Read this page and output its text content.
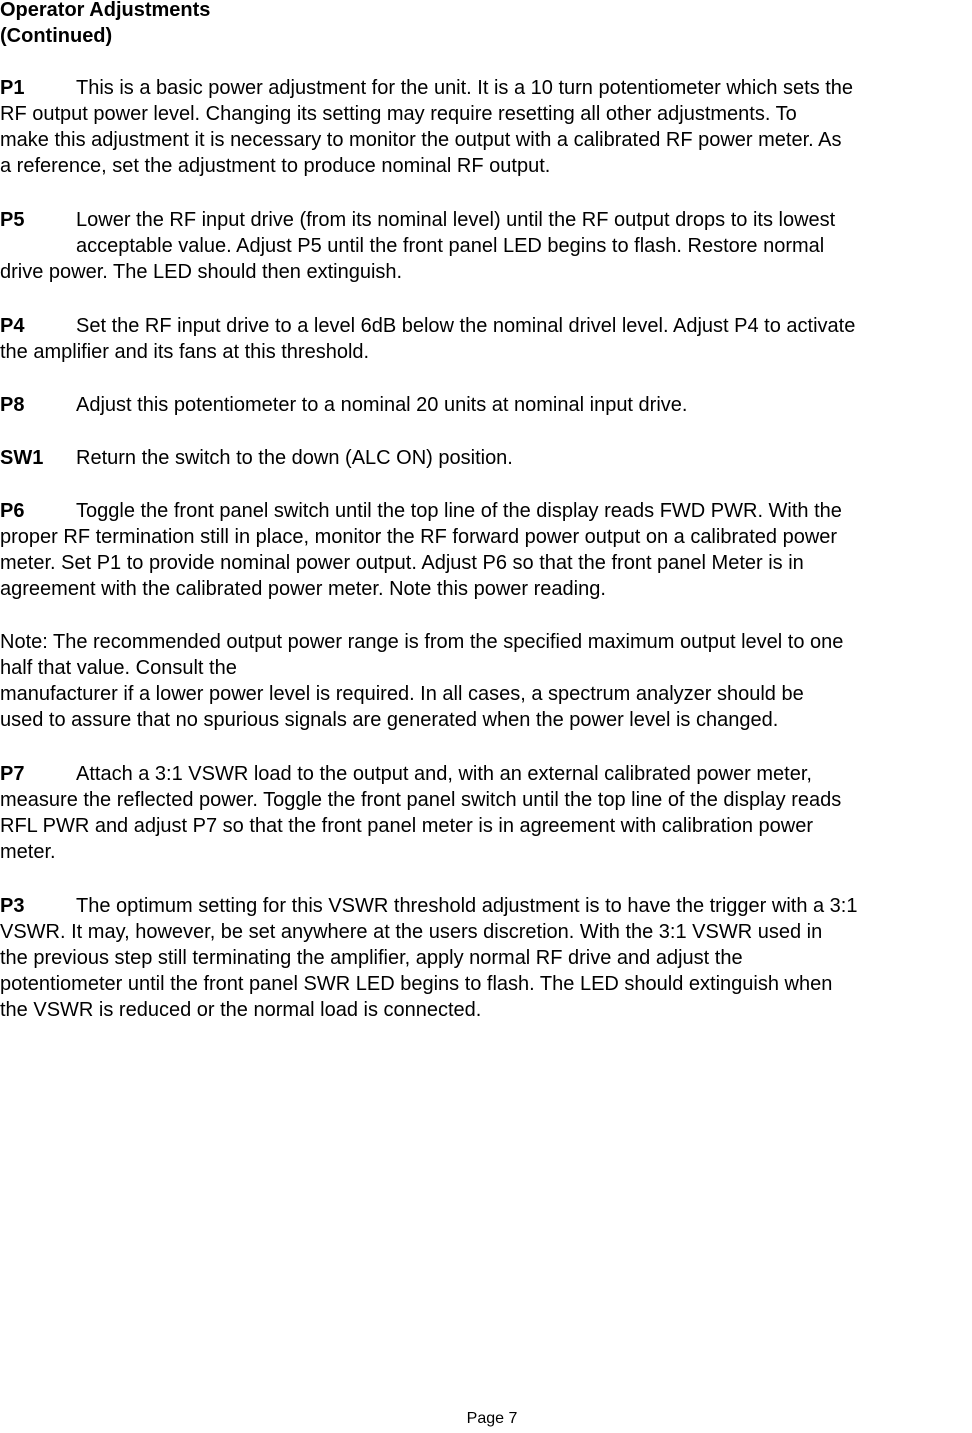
Operator Adjustments
(Continued)
P1	This is a basic power adjustment for the unit. It is a 10 turn potentiometer which sets the
RF output power level. Changing its setting may require resetting all other adjustments. To
make this adjustment it is necessary to monitor the output with a calibrated RF power meter. As
a reference, set the adjustment to produce nominal RF output.
P5	Lower the RF input drive (from its nominal level) until the RF output drops to its lowest
acceptable value. Adjust P5 until the front panel LED begins to flash. Restore normal
drive power. The LED should then extinguish.
P4	Set the RF input drive to a level 6dB below the nominal drivel level. Adjust P4 to activate
the amplifier and its fans at this threshold.
P8	Adjust this potentiometer to a nominal 20 units at nominal input drive.
SW1 Return the switch to the down (ALC ON) position.
P6	Toggle the front panel switch until the top line of the display reads FWD PWR. With the
proper RF termination still in place, monitor the RF forward power output on a calibrated power
meter. Set P1 to provide nominal power output. Adjust P6 so that the front panel Meter is in
agreement with the calibrated power meter. Note this power reading.
Note: The recommended output power range is from the specified maximum output level to one
half that value. Consult the
manufacturer if a lower power level is required. In all cases, a spectrum analyzer should be
used to assure that no spurious signals are generated when the power level is changed.
P7	Attach a 3:1 VSWR load to the output and, with an external calibrated power meter,
measure the reflected power. Toggle the front panel switch until the top line of the display reads
RFL PWR and adjust P7 so that the front panel meter is in agreement with calibration power
meter.
P3	The optimum setting for this VSWR threshold adjustment is to have the trigger with a 3:1
VSWR. It may, however, be set anywhere at the users discretion. With the 3:1 VSWR used in
the previous step still terminating the amplifier, apply normal RF drive and adjust the
potentiometer until the front panel SWR LED begins to flash. The LED should extinguish when
the VSWR is reduced or the normal load is connected.
Page 7
